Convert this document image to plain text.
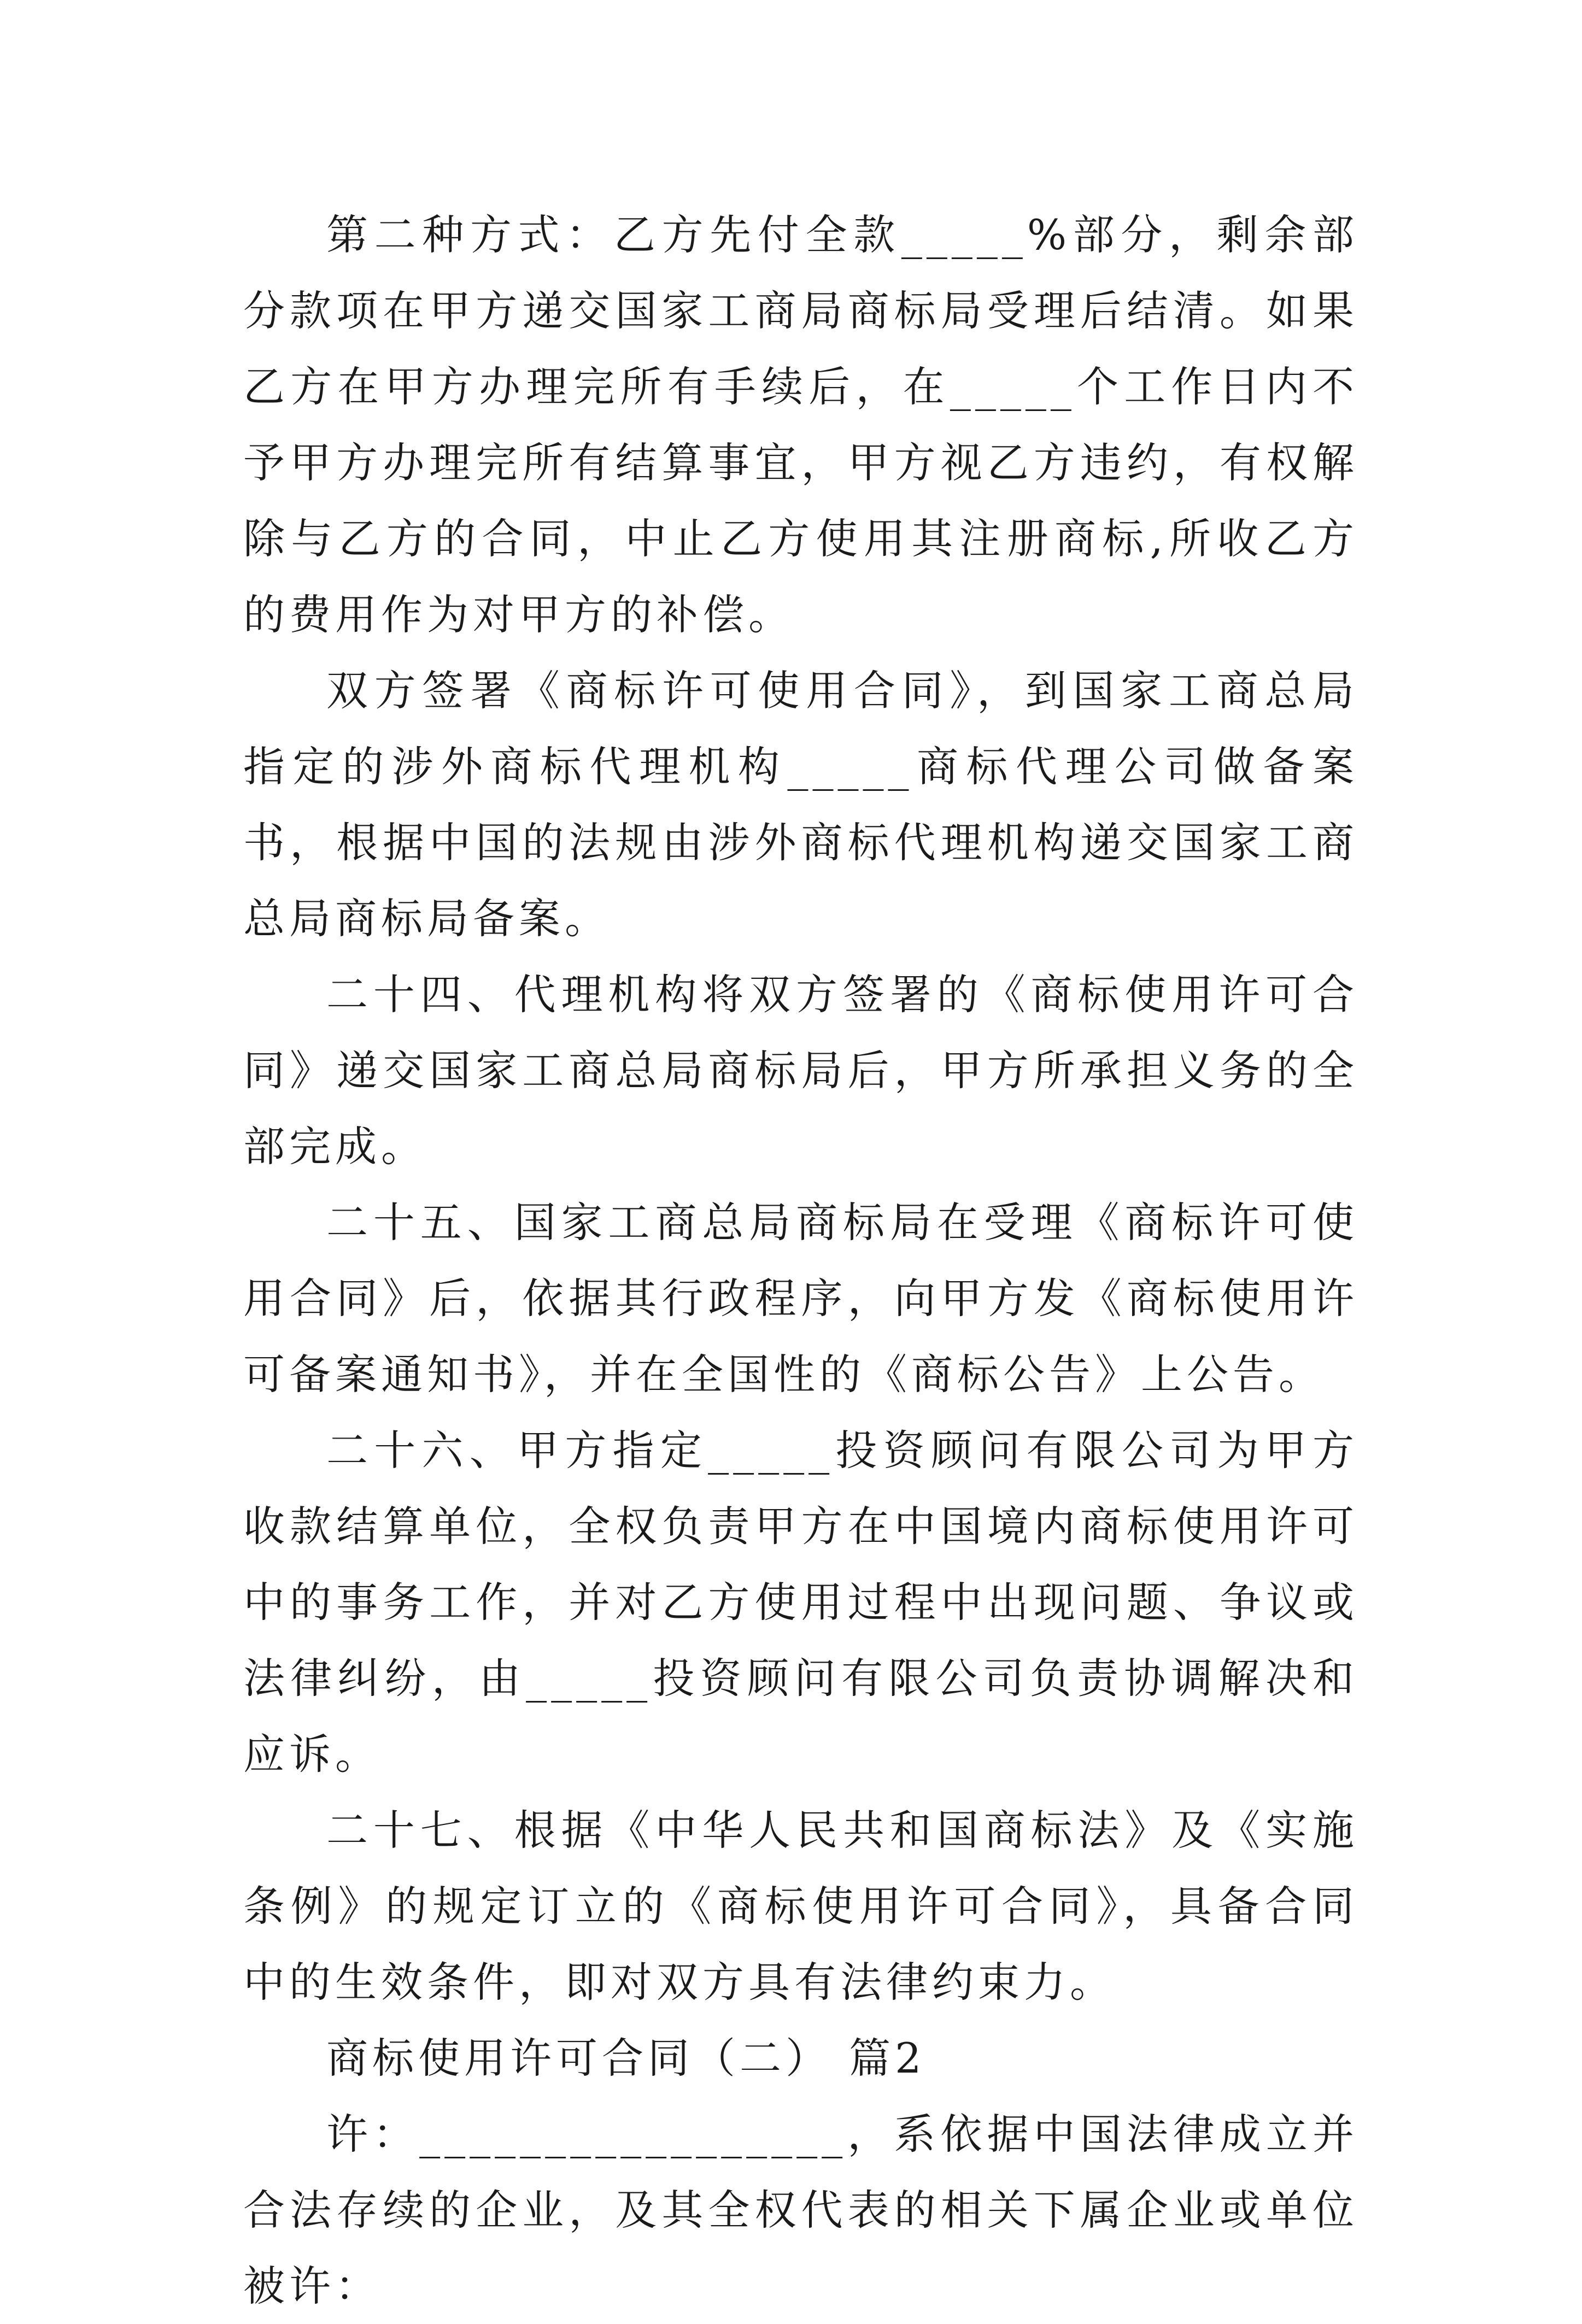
第二种方式：乙方先付全款_____%部分，剩余部分款项在甲方递交国家工商局商标局受理后结清。如果乙方在甲方办理完所有手续后，在_____个工作日内不予甲方办理完所有结算事宜，甲方视乙方违约，有权解除与乙方的合同，中止乙方使用其注册商标,所收乙方的费用作为对甲方的补偿。

双方签署《商标许可使用合同》，到国家工商总局指定的涉外商标代理机构_____商标代理公司做备案书，根据中国的法规由涉外商标代理机构递交国家工商总局商标局备案。

二十四、代理机构将双方签署的《商标使用许可合同》递交国家工商总局商标局后，甲方所承担义务的全部完成。

二十五、国家工商总局商标局在受理《商标许可使用合同》后，依据其行政程序，向甲方发《商标使用许可备案通知书》，并在全国性的《商标公告》上公告。

二十六、甲方指定_____投资顾问有限公司为甲方收款结算单位，全权负责甲方在中国境内商标使用许可中的事务工作，并对乙方使用过程中出现问题、争议或法律纠纷，由_____投资顾问有限公司负责协调解决和应诉。

二十七、根据《中华人民共和国商标法》及《实施条例》的规定订立的《商标使用许可合同》，具备合同中的生效条件，即对双方具有法律约束力。

商标使用许可合同（二） 篇2

许：_________________，系依据中国法律成立并合法存续的企业，及其全权代表的相关下属企业或单位被许：
